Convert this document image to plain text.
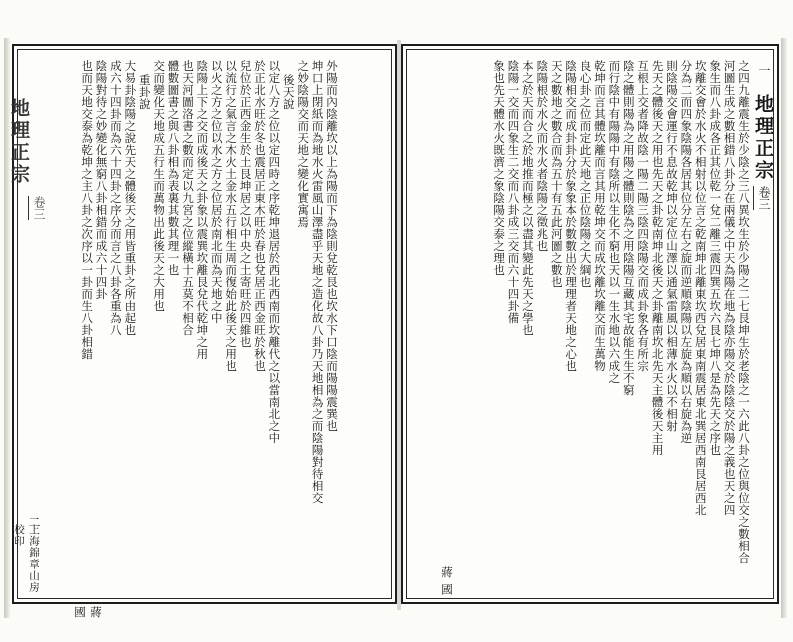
外陽而內陰離坎以上為陽而下為陰則兌乾艮也坎水下口陰而陽陽震巽也
坤口上閉紙而為地水火雷風山澤盡乎天地之造化故八卦乃天地相為之而陰陽對待相交
之妙陰陽交而天地之變化實寓焉
後天說
以定八方之位以定四時之序乾坤退居於西北西南而坎離代之以當南北之中
於正北水旺於冬也震居正東木旺於春也兌居正西金旺於秋也
兒位於正西金生於土艮坤居之以中央之土寄旺於四維也
以流行之氣言之木火土金水五行相生周而復始此後天之用也
以火之方之位以水之方之位居於南北而為天地之中
陰陽上下之交而成後天之卦象以震巽坎離艮兌代乾坤之用
也天河圖洛書之數而定以九宮之位縱橫十五莫不相合
體數圖書之與八卦相為表裏其數其理一也
交而變化天地成五行生而萬物出此後天之大用也
重卦說
大易卦陰陽之說先天之體後天之用皆重卦之所由起也
成六十四卦而為六十四卦之序分而言之八卦各重為八
陰陽對待之妙變化無窮八卦相錯而成六十四卦
也而天地交泰為乾坤之主八卦之次序以一卦而生八卦相錯
地理正宗
卷三
二
上海錦章山房校印
蔣國
之四九離震生於少陰之三八異坎生於少陽之二七艮坤生於老陰之一六此八卦之位與位交之數相合
河圖生成之數相錯八卦分在兩儀之中天為陽在地為陰亦陽交於陰陰交於陽之義也天之四
象生而八卦成各正其位乾一兌二離三震四巽五坎六艮七坤八是為先天之序也
坎離交會於水火不相射以位言之乾南坤北離東坎西兌居東南震居東北巽居西南艮居西北
分為二而四象陰陽各居其位分左右之旋而逆順陰陽以左旋為順以右旋為逆
則陰陽交會運行不息故乾坤以定位山澤以通氣雷風以相薄水火以不相射
先天之體後天之用也先天之卦乾南坤北後天之卦離南坎北先天主體後天主用
互根上交者降故陰一陽二陽三陰四陰陽交而成卦象各有所宗
陰之體則陽為之用陽之體則陰為之用陰陽互藏其宅故能生生不窮
而行陰中有陽陽中有陰所以生化不窮也天以一生水地以六成之
乾坤而言其體坎離而言其用乾坤交而成坎離坎離交而生萬物
良心卦之位而定此天地之正位陰陽之大綱也
陰陽相交而成卦卦分於象象本於數數出於理理者天地之心也
天之數地之數合而為五十有五此河圖之數也
陰陽根於水火而水火者陰陽之徵兆也
本之於天而合之於地推而極之以盡其變此先天之學也
陰陽一交而四象生二交而八卦成三交而六十四卦備
象也先天體水火既濟之象陰陽交泰之理也	地理正宗
卷三
一
蔣國
